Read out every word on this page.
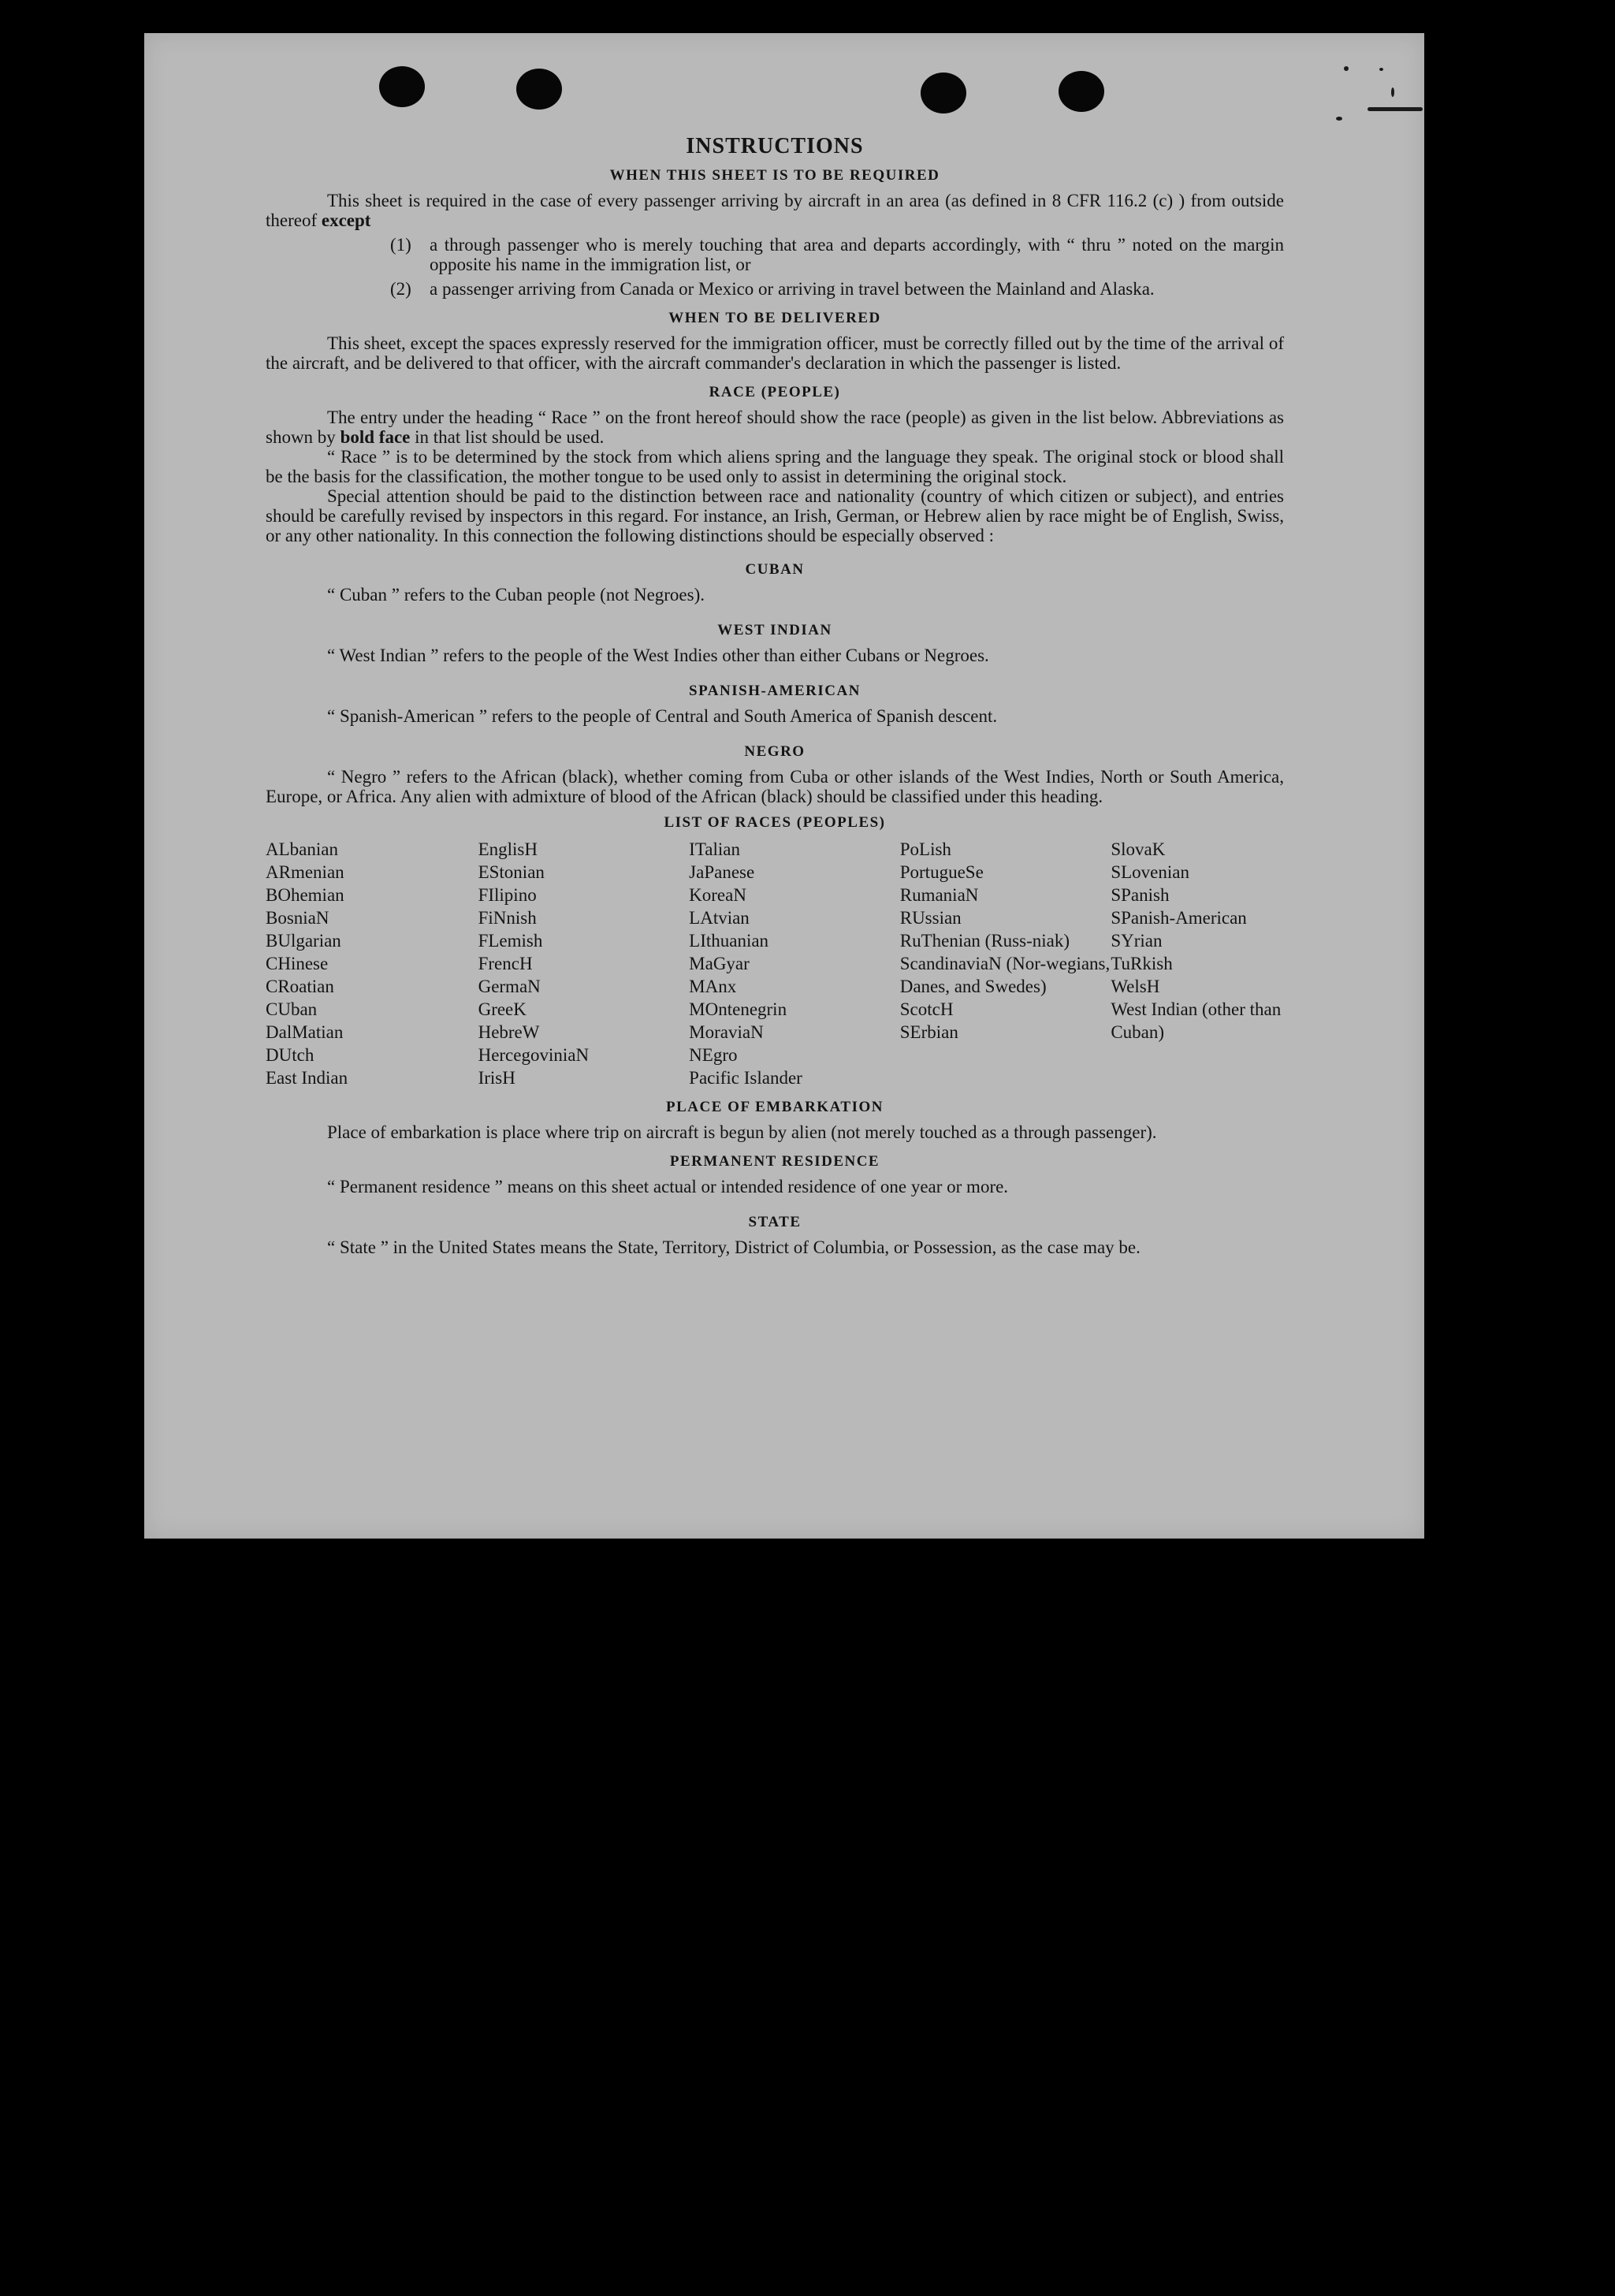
INSTRUCTIONS
WHEN THIS SHEET IS TO BE REQUIRED

This sheet is required in the case of every passenger arriving by aircraft in an area (as defined in 8 CFR 116.2 (c) ) from outside thereof except

(1)	a through passenger who is merely touching that area and departs accordingly, with “ thru ” noted on the margin opposite his name in the immigration list, or
(2)	a passenger arriving from Canada or Mexico or arriving in travel between the Mainland and Alaska.
WHEN TO BE DELIVERED

This sheet, except the spaces expressly reserved for the immigration officer, must be correctly filled out by the time of the arrival of the aircraft, and be delivered to that officer, with the aircraft commander's declaration in which the passenger is listed.

RACE (PEOPLE)

The entry under the heading “ Race ” on the front hereof should show the race (people) as given in the list below. Abbreviations as shown by bold face in that list should be used.

“ Race ” is to be determined by the stock from which aliens spring and the language they speak. The original stock or blood shall be the basis for the classification, the mother tongue to be used only to assist in determining the original stock.

Special attention should be paid to the distinction between race and nationality (country of which citizen or subject), and entries should be carefully revised by inspectors in this regard. For instance, an Irish, German, or Hebrew alien by race might be of English, Swiss, or any other nationality. In this connection the following distinctions should be especially observed :

CUBAN
“ Cuban ” refers to the Cuban people (not Negroes).
WEST INDIAN
“ West Indian ” refers to the people of the West Indies other than either Cubans or Negroes.
SPANISH-AMERICAN
“ Spanish-American ” refers to the people of Central and South America of Spanish descent.
NEGRO

“ Negro ” refers to the African (black), whether coming from Cuba or other islands of the West Indies, North or South America, Europe, or Africa. Any alien with admixture of blood of the African (black) should be classified under this heading.

LIST OF RACES (PEOPLES)
ALbanian
ARmenian
BOhemian
BosniaN
BUlgarian
CHinese
CRoatian
CUban
DalMatian
DUtch
East Indian
EnglisH
EStonian
FIlipino
FiNnish
FLemish
FrencH
GermaN
GreeK
HebreW
HercegoviniaN
IrisH
ITalian
JaPanese
KoreaN
LAtvian
LIthuanian
MaGyar
MAnx
MOntenegrin
MoraviaN
NEgro
Pacific Islander
PoLish
PortugueSe
RumaniaN
RUssian
RuThenian (Russ-niak)
ScandinaviaN (Nor-wegians, Danes, and Swedes)
ScotcH
SErbian
SlovaK
SLovenian
SPanish
SPanish-American
SYrian
TuRkish
WelsH
West Indian (other than Cuban)
PLACE OF EMBARKATION

Place of embarkation is place where trip on aircraft is begun by alien (not merely touched as a through passenger).

PERMANENT RESIDENCE
“ Permanent residence ” means on this sheet actual or intended residence of one year or more.
STATE

“ State ” in the United States means the State, Territory, District of Columbia, or Possession, as the case may be.
